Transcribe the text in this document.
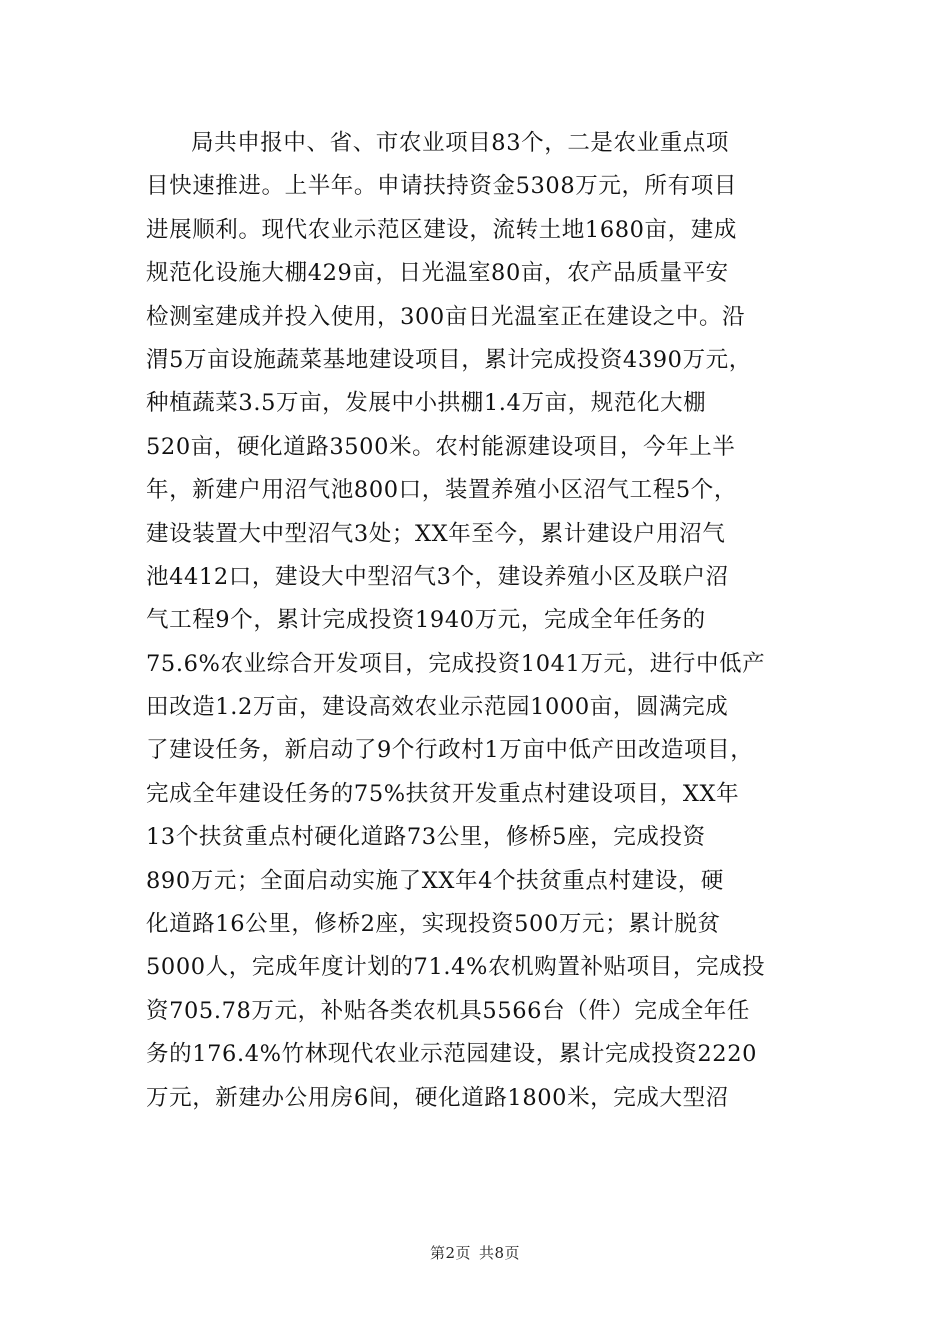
局共申报中、省、市农业项目83个，二是农业重点项
目快速推进。上半年。申请扶持资金5308万元，所有项目
进展顺利。现代农业示范区建设，流转土地1680亩，建成
规范化设施大棚429亩，日光温室80亩，农产品质量平安
检测室建成并投入使用，300亩日光温室正在建设之中。沿
渭5万亩设施蔬菜基地建设项目，累计完成投资4390万元，
种植蔬菜3.5万亩，发展中小拱棚1.4万亩，规范化大棚
520亩，硬化道路3500米。农村能源建设项目，今年上半
年，新建户用沼气池800口，装置养殖小区沼气工程5个，
建设装置大中型沼气3处；XX年至今，累计建设户用沼气
池4412口，建设大中型沼气3个，建设养殖小区及联户沼
气工程9个，累计完成投资1940万元，完成全年任务的
75.6%农业综合开发项目，完成投资1041万元，进行中低产
田改造1.2万亩，建设高效农业示范园1000亩，圆满完成
了建设任务，新启动了9个行政村1万亩中低产田改造项目，
完成全年建设任务的75%扶贫开发重点村建设项目，XX年
13个扶贫重点村硬化道路73公里，修桥5座，完成投资
890万元；全面启动实施了XX年4个扶贫重点村建设，硬
化道路16公里，修桥2座，实现投资500万元；累计脱贫
5000人，完成年度计划的71.4%农机购置补贴项目，完成投
资705.78万元，补贴各类农机具5566台（件）完成全年任
务的176.4%竹林现代农业示范园建设，累计完成投资2220
万元，新建办公用房6间，硬化道路1800米，完成大型沼
第2页 共8页
